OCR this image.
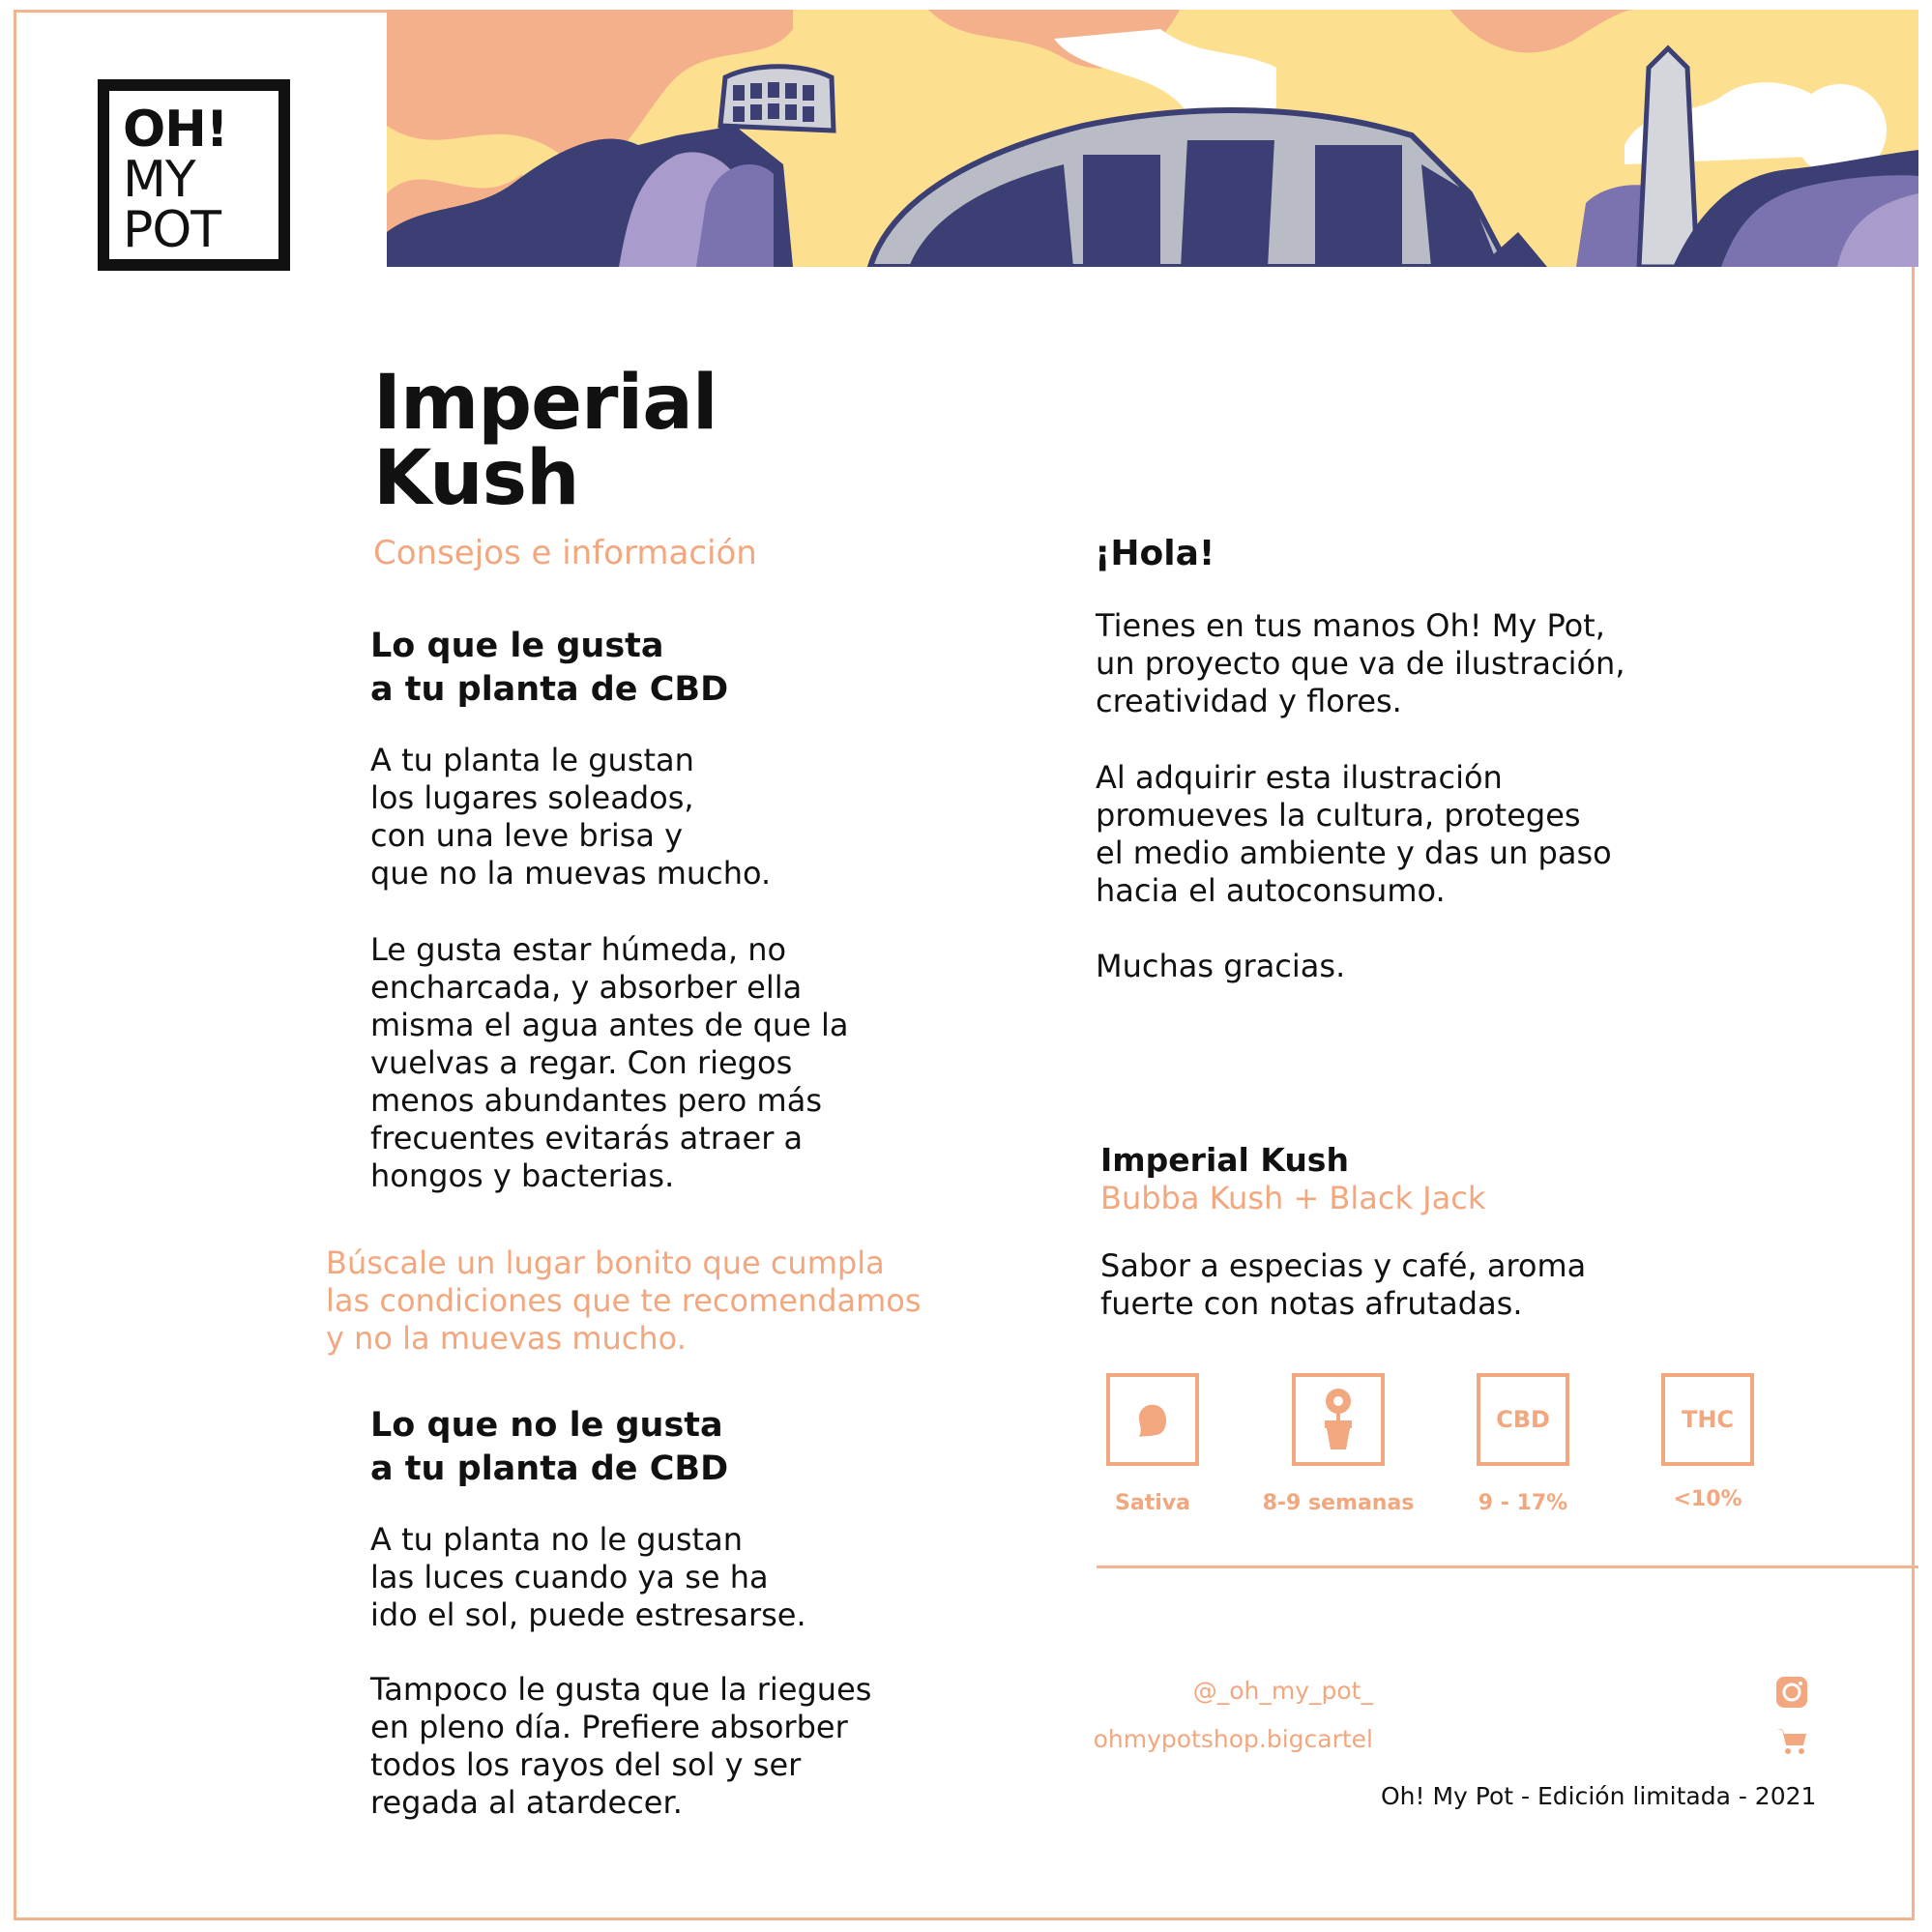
OH!
MY
POT
Imperial
Kush
Consejos e información
Lo que le gusta
a tu planta de CBD
A tu planta le gustan
los lugares soleados,
con una leve brisa y
que no la muevas mucho.
Le gusta estar húmeda, no
encharcada, y absorber ella
misma el agua antes de que la
vuelvas a regar. Con riegos
menos abundantes pero más
frecuentes evitarás atraer a
hongos y bacterias.
Búscale un lugar bonito que cumpla
las condiciones que te recomendamos
y no la muevas mucho.
Lo que no le gusta
a tu planta de CBD
A tu planta no le gustan
las luces cuando ya se ha
ido el sol, puede estresarse.
Tampoco le gusta que la riegues
en pleno día. Prefiere absorber
todos los rayos del sol y ser
regada al atardecer.
¡Hola!
Tienes en tus manos Oh! My Pot,
un proyecto que va de ilustración,
creatividad y flores.
Al adquirir esta ilustración
promueves la cultura, proteges
el medio ambiente y das un paso
hacia el autoconsumo.
Muchas gracias.
Imperial Kush
Bubba Kush + Black Jack
Sabor a especias y café, aroma
fuerte con notas afrutadas.
Sativa	8-9 semanas
CBD
9 - 17%
THC
<10%
@_oh_my_pot_
ohmypotshop.bigcartel
Oh! My Pot - Edición limitada - 2021
